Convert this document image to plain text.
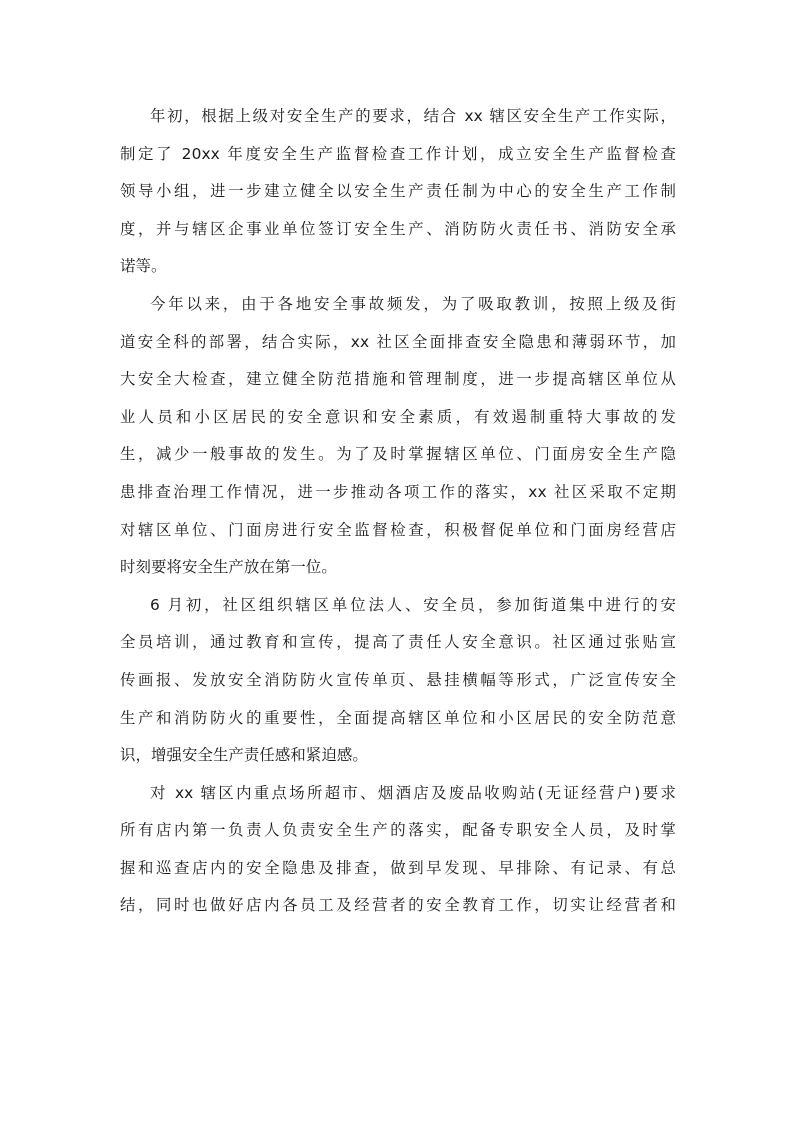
年初，根据上级对安全生产的要求，结合 xx 辖区安全生产工作实际，
制定了 20xx 年度安全生产监督检查工作计划，成立安全生产监督检查
领导小组，进一步建立健全以安全生产责任制为中心的安全生产工作制
度，并与辖区企事业单位签订安全生产、消防防火责任书、消防安全承
诺等。
今年以来，由于各地安全事故频发，为了吸取教训，按照上级及街
道安全科的部署，结合实际，xx 社区全面排查安全隐患和薄弱环节，加
大安全大检查，建立健全防范措施和管理制度，进一步提高辖区单位从
业人员和小区居民的安全意识和安全素质，有效遏制重特大事故的发
生，减少一般事故的发生。为了及时掌握辖区单位、门面房安全生产隐
患排查治理工作情况，进一步推动各项工作的落实，xx 社区采取不定期
对辖区单位、门面房进行安全监督检查，积极督促单位和门面房经营店
时刻要将安全生产放在第一位。
6 月初，社区组织辖区单位法人、安全员，参加街道集中进行的安
全员培训，通过教育和宣传，提高了责任人安全意识。社区通过张贴宣
传画报、发放安全消防防火宣传单页、悬挂横幅等形式，广泛宣传安全
生产和消防防火的重要性，全面提高辖区单位和小区居民的安全防范意
识，增强安全生产责任感和紧迫感。
对 xx 辖区内重点场所超市、烟酒店及废品收购站(无证经营户)要求
所有店内第一负责人负责安全生产的落实，配备专职安全人员，及时掌
握和巡查店内的安全隐患及排查，做到早发现、早排除、有记录、有总
结，同时也做好店内各员工及经营者的安全教育工作，切实让经营者和
